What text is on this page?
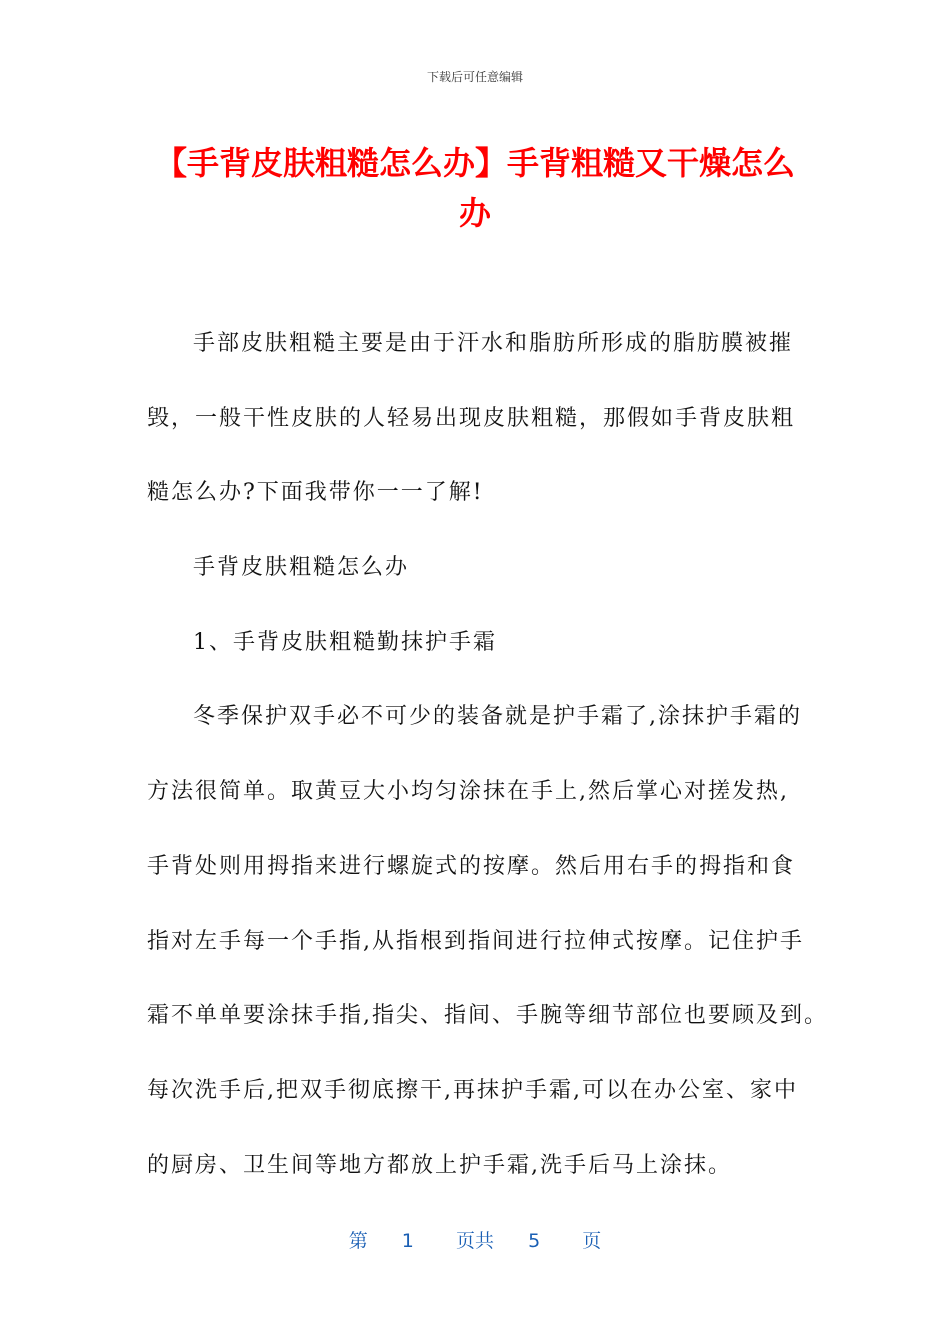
下载后可任意编辑
【手背皮肤粗糙怎么办】手背粗糙又干燥怎么办
手部皮肤粗糙主要是由于汗水和脂肪所形成的脂肪膜被摧
毁，一般干性皮肤的人轻易出现皮肤粗糙，那假如手背皮肤粗
糙怎么办?下面我带你一一了解!
手背皮肤粗糙怎么办
1、手背皮肤粗糙勤抹护手霜
冬季保护双手必不可少的装备就是护手霜了,涂抹护手霜的
方法很简单。取黄豆大小均匀涂抹在手上,然后掌心对搓发热,
手背处则用拇指来进行螺旋式的按摩。然后用右手的拇指和食
指对左手每一个手指,从指根到指间进行拉伸式按摩。记住护手
霜不单单要涂抹手指,指尖、指间、手腕等细节部位也要顾及到。
每次洗手后,把双手彻底擦干,再抹护手霜,可以在办公室、家中
的厨房、卫生间等地方都放上护手霜,洗手后马上涂抹。
第 1 页共 5 页
